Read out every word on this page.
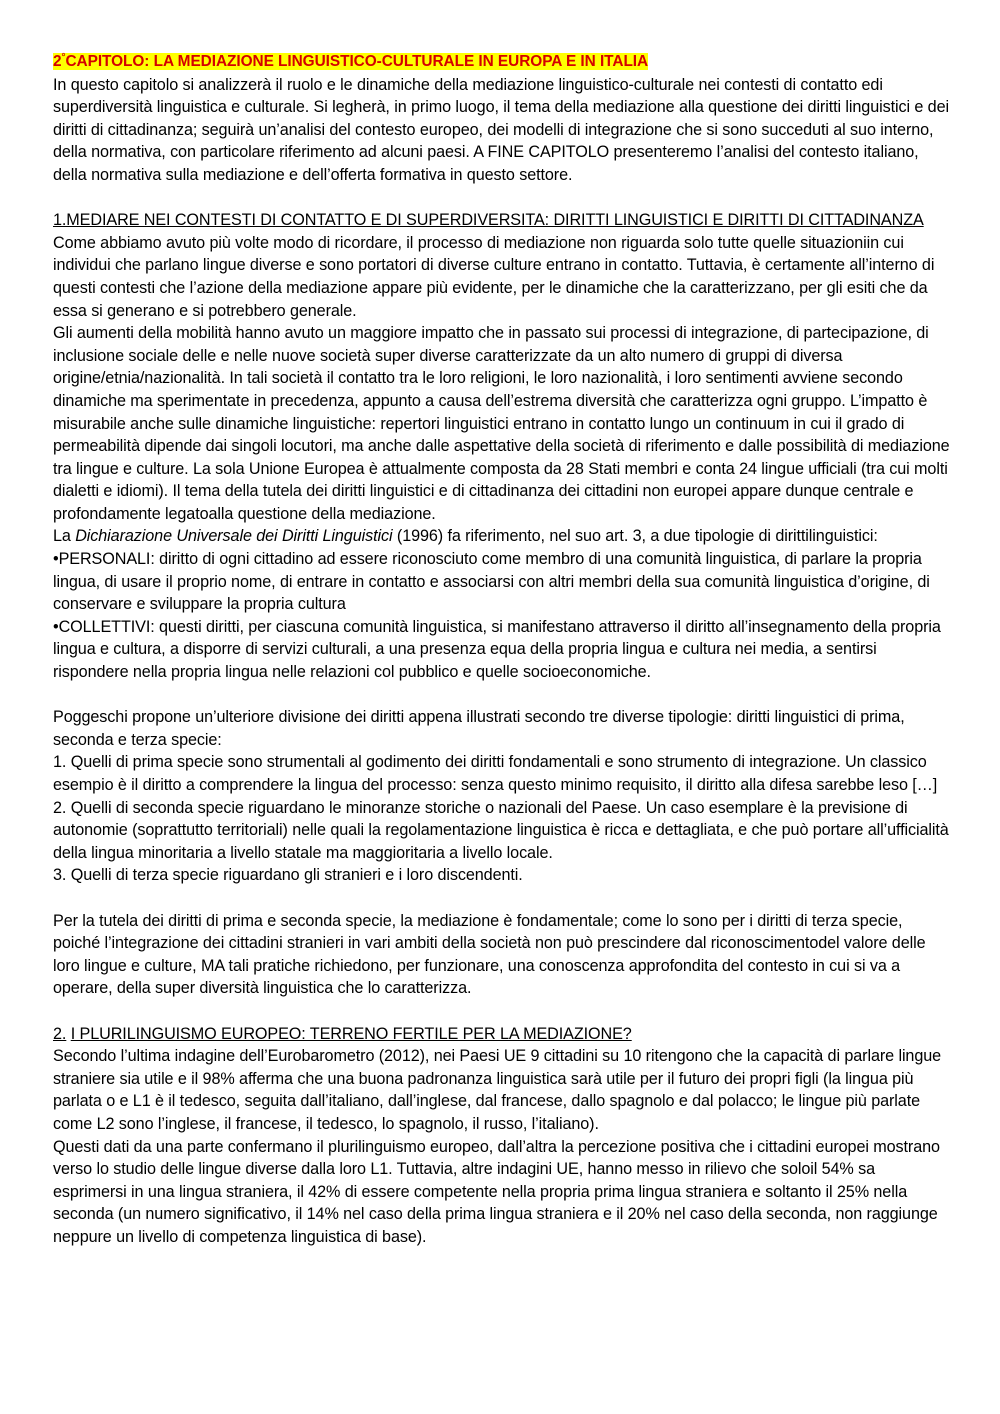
2°CAPITOLO: LA MEDIAZIONE LINGUISTICO-CULTURALE IN EUROPA E IN ITALIA

In questo capitolo si analizzerà il ruolo e le dinamiche della mediazione linguistico-culturale nei contesti di contatto edi superdiversità linguistica e culturale. Si legherà, in primo luogo, il tema della mediazione alla questione dei diritti linguistici e dei diritti di cittadinanza; seguirà un’analisi del contesto europeo, dei modelli di integrazione che si sono succeduti al suo interno, della normativa, con particolare riferimento ad alcuni paesi. A FINE CAPITOLO presenteremo l’analisi del contesto italiano, della normativa sulla mediazione e dell’offerta formativa in questo settore.

1.MEDIARE NEI CONTESTI DI CONTATTO E DI SUPERDIVERSITA: DIRITTI LINGUISTICI E DIRITTI DI CITTADINANZA

Come abbiamo avuto più volte modo di ricordare, il processo di mediazione non riguarda solo tutte quelle situazioniin cui individui che parlano lingue diverse e sono portatori di diverse culture entrano in contatto. Tuttavia, è certamente all’interno di questi contesti che l’azione della mediazione appare più evidente, per le dinamiche che la caratterizzano, per gli esiti che da essa si generano e si potrebbero generale.

Gli aumenti della mobilità hanno avuto un maggiore impatto che in passato sui processi di integrazione, di partecipazione, di inclusione sociale delle e nelle nuove società super diverse caratterizzate da un alto numero di gruppi di diversa origine/etnia/nazionalità. In tali società il contatto tra le loro religioni, le loro nazionalità, i loro sentimenti avviene secondo dinamiche ma sperimentate in precedenza, appunto a causa dell’estrema diversità che caratterizza ogni gruppo. L’impatto è misurabile anche sulle dinamiche linguistiche: repertori linguistici entrano in contatto lungo un continuum in cui il grado di permeabilità dipende dai singoli locutori, ma anche dalle aspettative della società di riferimento e dalle possibilità di mediazione tra lingue e culture. La sola Unione Europea è attualmente composta da 28 Stati membri e conta 24 lingue ufficiali (tra cui molti dialetti e idiomi). Il tema della tutela dei diritti linguistici e di cittadinanza dei cittadini non europei appare dunque centrale e profondamente legatoalla questione della mediazione.

La Dichiarazione Universale dei Diritti Linguistici (1996) fa riferimento, nel suo art. 3, a due tipologie di dirittilinguistici:

•PERSONALI: diritto di ogni cittadino ad essere riconosciuto come membro di una comunità linguistica, di parlare la propria lingua, di usare il proprio nome, di entrare in contatto e associarsi con altri membri della sua comunità linguistica d’origine, di conservare e sviluppare la propria cultura

•COLLETTIVI: questi diritti, per ciascuna comunità linguistica, si manifestano attraverso il diritto all’insegnamento della propria lingua e cultura, a disporre di servizi culturali, a una presenza equa della propria lingua e cultura nei media, a sentirsi rispondere nella propria lingua nelle relazioni col pubblico e quelle socioeconomiche.

Poggeschi propone un’ulteriore divisione dei diritti appena illustrati secondo tre diverse tipologie: diritti linguistici di prima, seconda e terza specie:

1. Quelli di prima specie sono strumentali al godimento dei diritti fondamentali e sono strumento di integrazione. Un classico esempio è il diritto a comprendere la lingua del processo: senza questo minimo requisito, il diritto alla difesa sarebbe leso […]

2. Quelli di seconda specie riguardano le minoranze storiche o nazionali del Paese. Un caso esemplare è la previsione di autonomie (soprattutto territoriali) nelle quali la regolamentazione linguistica è ricca e dettagliata, e che può portare all’ufficialità della lingua minoritaria a livello statale ma maggioritaria a livello locale.

3. Quelli di terza specie riguardano gli stranieri e i loro discendenti.

Per la tutela dei diritti di prima e seconda specie, la mediazione è fondamentale; come lo sono per i diritti di terza specie, poiché l’integrazione dei cittadini stranieri in vari ambiti della società non può prescindere dal riconoscimentodel valore delle loro lingue e culture, MA tali pratiche richiedono, per funzionare, una conoscenza approfondita del contesto in cui si va a operare, della super diversità linguistica che lo caratterizza.

2. I PLURILINGUISMO EUROPEO: TERRENO FERTILE PER LA MEDIAZIONE?

Secondo l’ultima indagine dell’Eurobarometro (2012), nei Paesi UE 9 cittadini su 10 ritengono che la capacità di parlare lingue straniere sia utile e il 98% afferma che una buona padronanza linguistica sarà utile per il futuro dei propri figli (la lingua più parlata o e L1 è il tedesco, seguita dall’italiano, dall’inglese, dal francese, dallo spagnolo e dal polacco; le lingue più parlate come L2 sono l’inglese, il francese, il tedesco, lo spagnolo, il russo, l’italiano).

Questi dati da una parte confermano il plurilinguismo europeo, dall’altra la percezione positiva che i cittadini europei mostrano verso lo studio delle lingue diverse dalla loro L1. Tuttavia, altre indagini UE, hanno messo in rilievo che soloil 54% sa esprimersi in una lingua straniera, il 42% di essere competente nella propria prima lingua straniera e soltanto il 25% nella seconda (un numero significativo, il 14% nel caso della prima lingua straniera e il 20% nel caso della seconda, non raggiunge neppure un livello di competenza linguistica di base).
